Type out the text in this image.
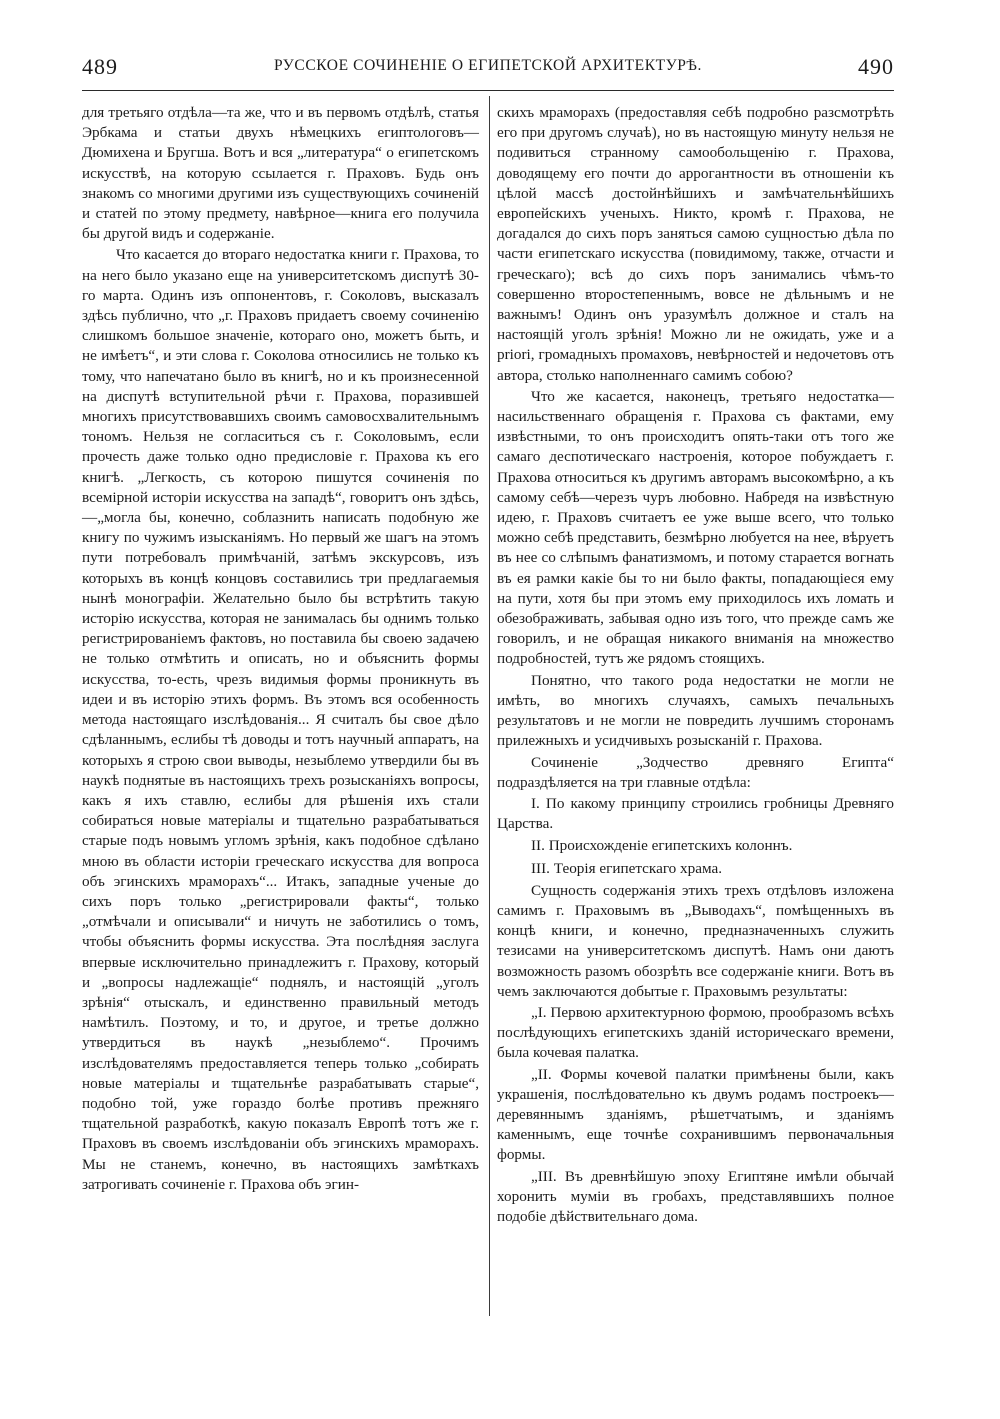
489	РУССКОЕ СОЧИНЕНІЕ О ЕГИПЕТСКОЙ АРХИТЕКТУРѢ.	490

для третьяго отдѣла—та же, что и въ первомъ отдѣлѣ, статья Эрбкама и статьи двухъ нѣмецкихъ египтологовъ—Дюмихена и Бругша. Вотъ и вся „литература“ о египетскомъ искусствѣ, на которую ссылается г. Праховъ. Будь онъ знакомъ со многими другими изъ существующихъ сочиненій и статей по этому предмету, навѣрное—книга его получила бы другой видъ и содержаніе.

Что касается до втораго недостатка книги г. Прахова, то на него было указано еще на университетскомъ диспутѣ 30-го марта. Одинъ изъ оппонентовъ, г. Соколовъ, высказалъ здѣсь публично, что „г. Праховъ придаетъ своему сочиненію слишкомъ большое значеніе, котораго оно, можетъ быть, и не имѣетъ“, и эти слова г. Соколова относились не только къ тому, что напечатано было въ книгѣ, но и къ произнесенной на диспутѣ вступительной рѣчи г. Прахова, поразившей многихъ присутствовавшихъ своимъ самовосхвалительнымъ тономъ. Нельзя не согласиться съ г. Соколовымъ, если прочесть даже только одно предисловіе г. Прахова къ его книгѣ. „Легкость, съ которою пишутся сочиненія по всемірной исторіи искусства на западѣ“, говоритъ онъ здѣсь,—„могла бы, конечно, соблазнить написать подобную же книгу по чужимъ изысканіямъ. Но первый же шагъ на этомъ пути потребовалъ примѣчаній, затѣмъ экскурсовъ, изъ которыхъ въ концѣ концовъ составились три предлагаемыя нынѣ монографіи. Желательно было бы встрѣтить такую исторію искусства, которая не занималась бы однимъ только регистрированіемъ фактовъ, но поставила бы своею задачею не только отмѣтить и описать, но и объяснить формы искусства, то-есть, чрезъ видимыя формы проникнуть въ идеи и въ исторію этихъ формъ. Въ этомъ вся особенность метода настоящаго изслѣдованія... Я считалъ бы свое дѣло сдѣланнымъ, еслибы тѣ доводы и тотъ научный аппаратъ, на которыхъ я строю свои выводы, незыблемо утвердили бы въ наукѣ поднятые въ настоящихъ трехъ розысканіяхъ вопросы, какъ я ихъ ставлю, еслибы для рѣшенія ихъ стали собираться новые матеріалы и тщательно разрабатываться старые подъ новымъ угломъ зрѣнія, какъ подобное сдѣлано мною въ области исторіи греческаго искусства для вопроса объ эгинскихъ мраморахъ“... Итакъ, западные ученые до сихъ поръ только „регистрировали факты“, только „отмѣчали и описывали“ и ничуть не заботились о томъ, чтобы объяснить формы искусства. Эта послѣдняя заслуга впервые исключительно принадлежитъ г. Прахову, который и „вопросы надлежащіе“ поднялъ, и настоящій „уголъ зрѣнія“ отыскалъ, и единственно правильный методъ намѣтилъ. Поэтому, и то, и другое, и третье должно утвердиться въ наукѣ „незыблемо“. Прочимъ изслѣдователямъ предоставляется теперь только „собирать новые матеріалы и тщательнѣе разрабатывать старые“, подобно той, уже гораздо болѣе противъ прежняго тщательной разработкѣ, какую показалъ Европѣ тотъ же г. Праховъ въ своемъ изслѣдованіи объ эгинскихъ мраморахъ. Мы не станемъ, конечно, въ настоящихъ замѣткахъ затрогивать сочиненіе г. Прахова объ эгин-

скихъ мраморахъ (предоставляя себѣ подробно разсмотрѣть его при другомъ случаѣ), но въ настоящую минуту нельзя не подивиться странному самообольщенію г. Прахова, доводящему его почти до аррогантности въ отношеніи къ цѣлой массѣ достойнѣйшихъ и замѣчательнѣйшихъ европейскихъ ученыхъ. Никто, кромѣ г. Прахова, не догадался до сихъ поръ заняться самою сущностью дѣла по части египетскаго искусства (повидимому, также, отчасти и греческаго); всѣ до сихъ поръ занимались чѣмъ-то совершенно второстепеннымъ, вовсе не дѣльнымъ и не важнымъ! Одинъ онъ уразумѣлъ должное и сталъ на настоящій уголъ зрѣнія! Можно ли не ожидать, уже и a priori, громадныхъ промаховъ, невѣрностей и недочетовъ отъ автора, столько наполненнаго самимъ собою?

Что же касается, наконецъ, третьяго недостатка—насильственнаго обращенія г. Прахова съ фактами, ему извѣстными, то онъ происходитъ опять-таки отъ того же самаго деспотическаго настроенія, которое побуждаетъ г. Прахова относиться къ другимъ авторамъ высокомѣрно, а къ самому себѣ—черезъ чуръ любовно. Набредя на извѣстную идею, г. Праховъ считаетъ ее уже выше всего, что только можно себѣ представить, безмѣрно любуется на нее, вѣруетъ въ нее со слѣпымъ фанатизмомъ, и потому старается вогнать въ ея рамки какіе бы то ни было факты, попадающіеся ему на пути, хотя бы при этомъ ему приходилось ихъ ломать и обезображивать, забывая одно изъ того, что прежде самъ же говорилъ, и не обращая никакого вниманія на множество подробностей, тутъ же рядомъ стоящихъ.

Понятно, что такого рода недостатки не могли не имѣть, во многихъ случаяхъ, самыхъ печальныхъ результатовъ и не могли не повредить лучшимъ сторонамъ прилежныхъ и усидчивыхъ розысканій г. Прахова.

Сочиненіе „Зодчество древняго Египта“ подраздѣляется на три главные отдѣла:

I. По какому принципу строились гробницы Древняго Царства.

II. Происхожденіе египетскихъ колоннъ.

III. Теорія египетскаго храма.

Сущность содержанія этихъ трехъ отдѣловъ изложена самимъ г. Праховымъ въ „Выводахъ“, помѣщенныхъ въ концѣ книги, и конечно, предназначенныхъ служить тезисами на университетскомъ диспутѣ. Намъ они даютъ возможность разомъ обозрѣть все содержаніе книги. Вотъ въ чемъ заключаются добытые г. Праховымъ результаты:

„I. Первою архитектурною формою, прообразомъ всѣхъ послѣдующихъ египетскихъ зданій историческаго времени, была кочевая палатка.

„II. Формы кочевой палатки примѣнены были, какъ украшенія, послѣдовательно къ двумъ родамъ построекъ—деревяннымъ зданіямъ, рѣшетчатымъ, и зданіямъ каменнымъ, еще точнѣе сохранившимъ первоначальныя формы.

„III. Въ древнѣйшую эпоху Египтяне имѣли обычай хоронить муміи въ гробахъ, представлявшихъ полное подобіе дѣйствительнаго дома.
